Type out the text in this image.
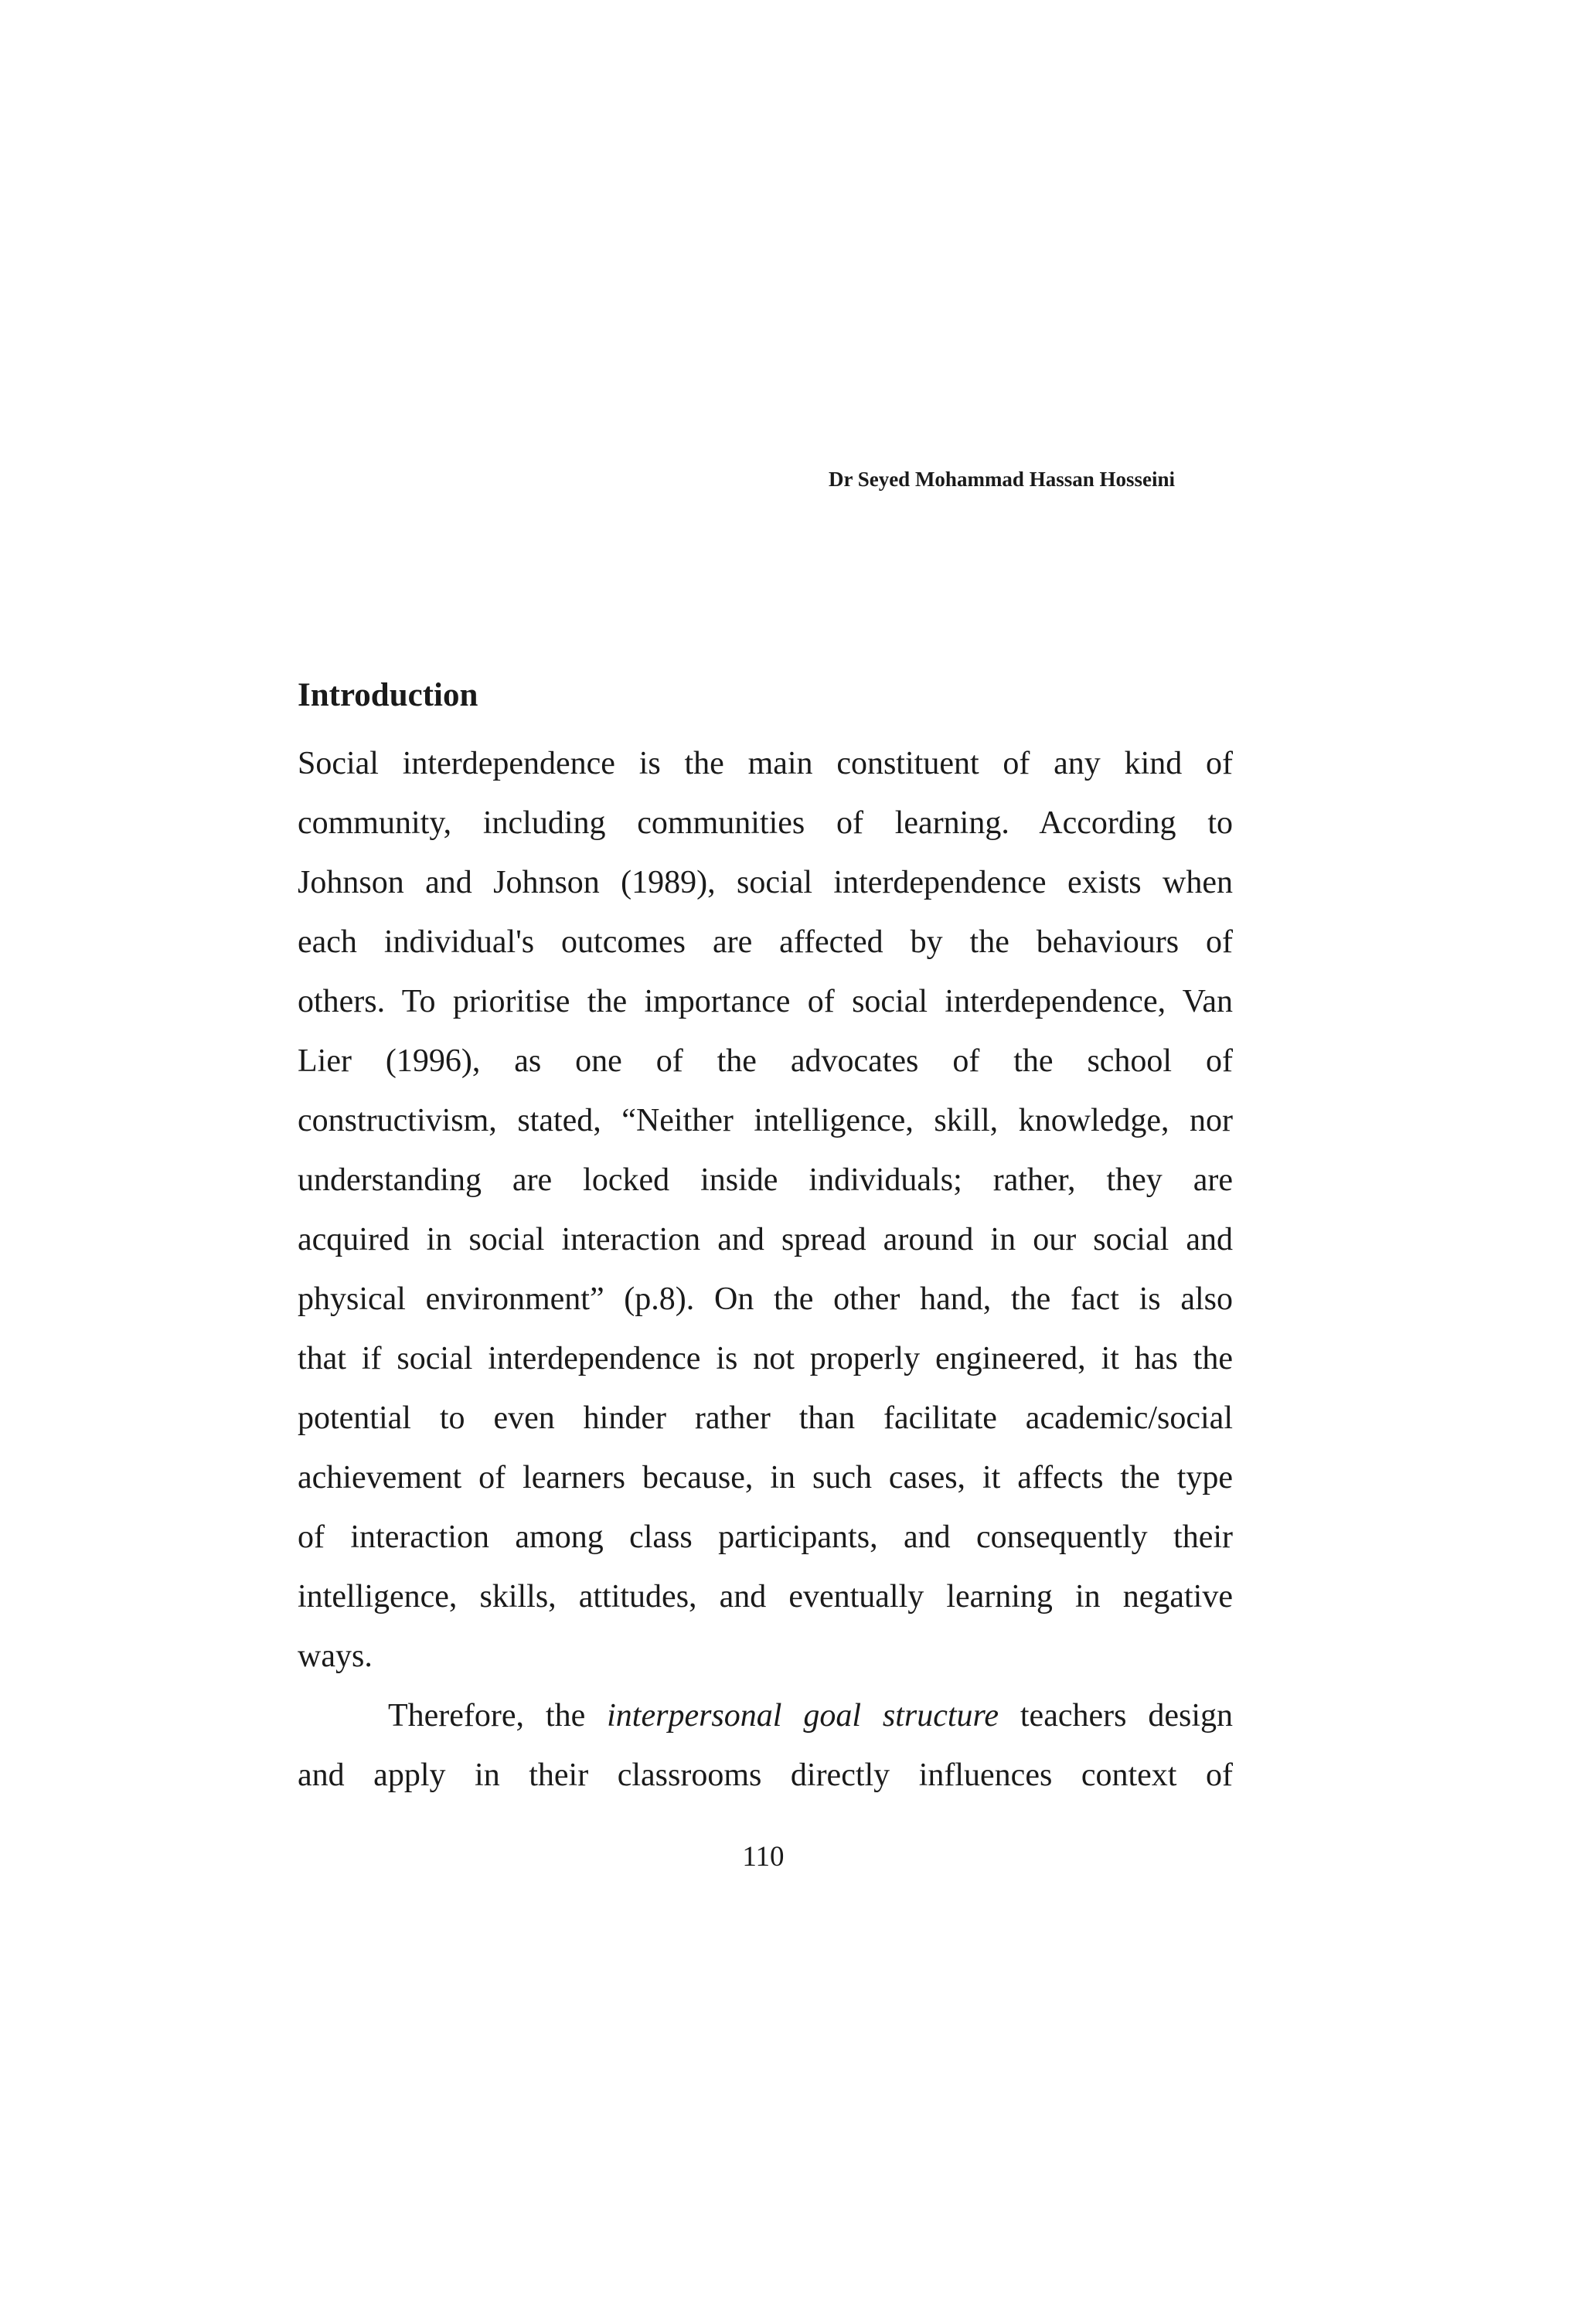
Dr Seyed Mohammad Hassan Hosseini
Introduction
Social interdependence is the main constituent of any kind of
community, including communities of learning. According to
Johnson and Johnson (1989), social interdependence exists when
each individual's outcomes are affected by the behaviours of
others. To prioritise the importance of social interdependence, Van
Lier (1996), as one of the advocates of the school of
constructivism, stated, “Neither intelligence, skill, knowledge, nor
understanding are locked inside individuals; rather, they are
acquired in social interaction and spread around in our social and
physical environment” (p.8). On the other hand, the fact is also
that if social interdependence is not properly engineered, it has the
potential to even hinder rather than facilitate academic/social
achievement of learners because, in such cases, it affects the type
of interaction among class participants, and consequently their
intelligence, skills, attitudes, and eventually learning in negative
ways.
Therefore, the interpersonal goal structure teachers design
and apply in their classrooms directly influences context of
110
